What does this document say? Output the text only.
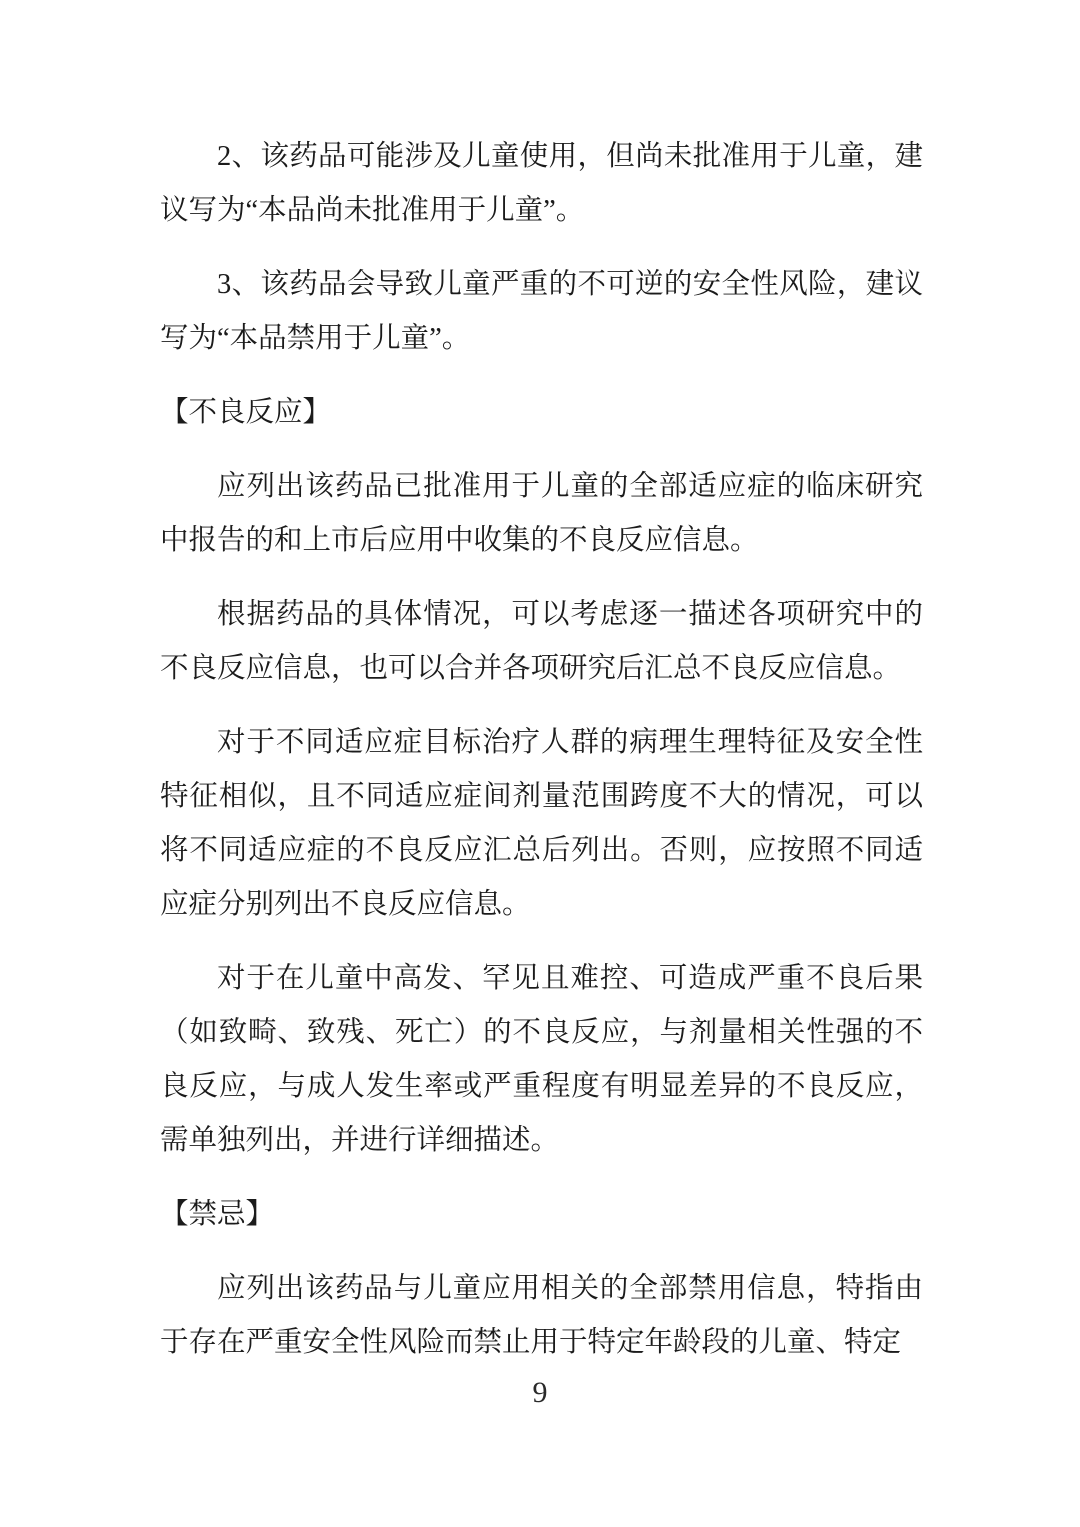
2、该药品可能涉及儿童使用，但尚未批准用于儿童，建议写为“本品尚未批准用于儿童”。

3、该药品会导致儿童严重的不可逆的安全性风险，建议写为“本品禁用于儿童”。

【不良反应】

应列出该药品已批准用于儿童的全部适应症的临床研究中报告的和上市后应用中收集的不良反应信息。

根据药品的具体情况，可以考虑逐一描述各项研究中的不良反应信息，也可以合并各项研究后汇总不良反应信息。

对于不同适应症目标治疗人群的病理生理特征及安全性特征相似，且不同适应症间剂量范围跨度不大的情况，可以将不同适应症的不良反应汇总后列出。否则，应按照不同适应症分别列出不良反应信息。

对于在儿童中高发、罕见且难控、可造成严重不良后果（如致畸、致残、死亡）的不良反应，与剂量相关性强的不良反应，与成人发生率或严重程度有明显差异的不良反应，需单独列出，并进行详细描述。

【禁忌】

应列出该药品与儿童应用相关的全部禁用信息，特指由于存在严重安全性风险而禁止用于特定年龄段的儿童、特定

9
